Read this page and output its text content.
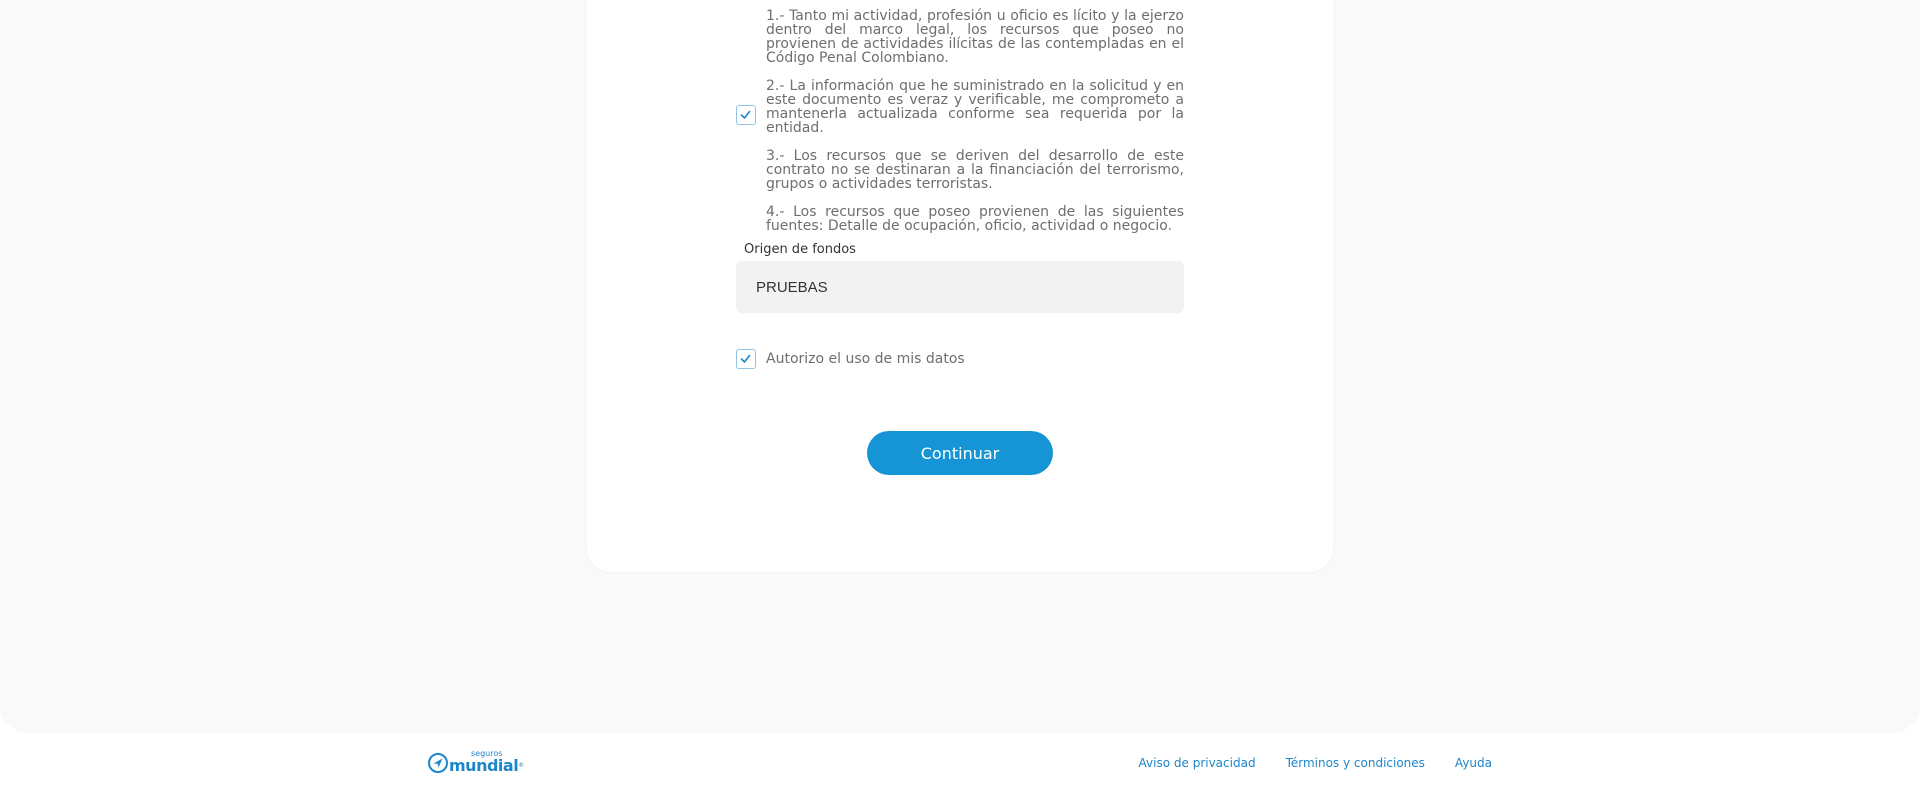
1.- Tanto mi actividad, profesión u oficio es lícito y la ejerzo dentro del marco legal, los recursos que poseo no provienen de actividades ilícitas de las contempladas en el Código Penal Colombiano.

2.- La información que he suministrado en la solicitud y en este documento es veraz y verificable, me comprometo a mantenerla actualizada conforme sea requerida por la entidad.

3.- Los recursos que se deriven del desarrollo de este contrato no se destinaran a la financiación del terrorismo, grupos o actividades terroristas.

4.- Los recursos que poseo provienen de las siguientes fuentes: Detalle de ocupación, oficio, actividad o negocio.

Origen de fondos
PRUEBAS
Autorizo el uso de mis datos
Continuar
seguros
mundial ®	Aviso de privacidad	Términos y condiciones	Ayuda
